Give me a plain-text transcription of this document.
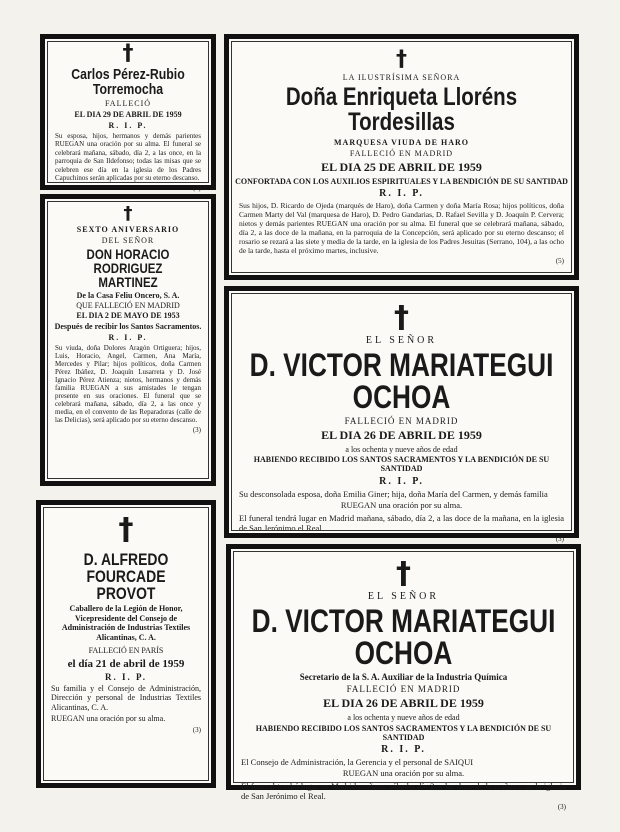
†
Carlos Pérez-Rubio Torremocha
FALLECIÓ
EL DIA 29 DE ABRIL DE 1959
R. I. P.
Su esposa, hijos, hermanos y demás parientes RUEGAN una oración por su alma. El funeral se celebrará mañana, sábado, día 2, a las once, en la parroquia de San Ildefonso; todas las misas que se celebren ese día en la iglesia de los Padres Capuchinos serán aplicadas por su eterno descanso.
(3)
†
SEXTO ANIVERSARIO
DEL SEÑOR
DON HORACIO RODRIGUEZ MARTINEZ
De la Casa Feliu Oncero, S. A.
QUE FALLECIÓ EN MADRID
EL DIA 2 DE MAYO DE 1953
Después de recibir los Santos Sacramentos.
R. I. P.
Su viuda, doña Dolores Aragón Ortiguera; hijos, Luis, Horacio, Angel, Carmen, Ana María, Mercedes y Pilar; hijos políticos, doña Carmen Pérez Ibáñez, D. Joaquín Lusarreta y D. José Ignacio Pérez Atienza; nietos, hermanos y demás familia RUEGAN a sus amistades le tengan presente en sus oraciones. El funeral que se celebrará mañana, sábado, día 2, a las once y media, en el convento de las Reparadoras (calle de las Delicias), será aplicado por su eterno descanso.
(3)
†
D. ALFREDO FOURCADE PROVOT
Caballero de la Legión de Honor, Vicepresidente del Consejo de Administración de Industrias Textiles Alicantinas, C. A.
FALLECIÓ EN PARÍS
el día 21 de abril de 1959
R. I. P.
Su familia y el Consejo de Administración, Dirección y personal de Industrias Textiles Alicantinas, C. A.
RUEGAN una oración por su alma.
(3)
†
LA ILUSTRÍSIMA SEÑORA
Doña Enriqueta Lloréns Tordesillas
MARQUESA VIUDA DE HARO
FALLECIÓ EN MADRID
EL DIA 25 DE ABRIL DE 1959
CONFORTADA CON LOS AUXILIOS ESPIRITUALES Y LA BENDICIÓN DE SU SANTIDAD
R. I. P.
Sus hijos, D. Ricardo de Ojeda (marqués de Haro), doña Carmen y doña María Rosa; hijos políticos, doña Carmen Marty del Val (marquesa de Haro), D. Pedro Gandarias, D. Rafael Sevilla y D. Joaquín P. Cervera; nietos y demás parientes RUEGAN una oración por su alma. El funeral que se celebrará mañana, sábado, día 2, a las doce de la mañana, en la parroquia de la Concepción, será aplicado por su eterno descanso; el rosario se rezará a las siete y media de la tarde, en la iglesia de los Padres Jesuitas (Serrano, 104), a las ocho de la tarde, hasta el próximo martes, inclusive.
(5)
†
EL SEÑOR
D. VICTOR MARIATEGUI OCHOA
FALLECIÓ EN MADRID
EL DIA 26 DE ABRIL DE 1959
a los ochenta y nueve años de edad
HABIENDO RECIBIDO LOS SANTOS SACRAMENTOS Y LA BENDICIÓN DE SU SANTIDAD
R. I. P.
Su desconsolada esposa, doña Emilia Giner; hija, doña María del Carmen, y demás familia
RUEGAN una oración por su alma.
El funeral tendrá lugar en Madrid mañana, sábado, día 2, a las doce de la mañana, en la iglesia de San Jerónimo el Real.
(3)
†
EL SEÑOR
D. VICTOR MARIATEGUI OCHOA
Secretario de la S. A. Auxiliar de la Industria Química
FALLECIÓ EN MADRID
EL DIA 26 DE ABRIL DE 1959
a los ochenta y nueve años de edad
HABIENDO RECIBIDO LOS SANTOS SACRAMENTOS Y LA BENDICIÓN DE SU SANTIDAD
R. I. P.
El Consejo de Administración, la Gerencia y el personal de SAIQUI
RUEGAN una oración por su alma.
El funeral tendrá lugar en Madrid mañana, sábado, día 2, a las doce de la mañana, en la iglesia de San Jerónimo el Real.
(3)
